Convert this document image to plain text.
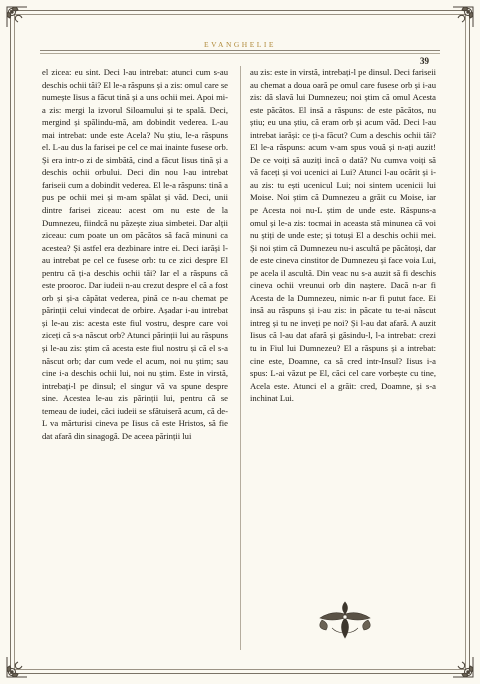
EVANGHELIE
39

el zicea: eu sint. Deci l-au intrebat: atunci cum s-au deschis ochii tăi? El le-a răspuns și a zis: omul care se numește Iisus a făcut tină și a uns ochii mei. Apoi mi-a zis: mergi la izvorul Siloamului și te spală. Deci, mergind și spălindu-mă, am dobindit vederea. L-au mai intrebat: unde este Acela? Nu știu, le-a răspuns el. L-au dus la farisei pe cel ce mai inainte fusese orb. Și era intr-o zi de simbătă, cind a făcut Iisus tină și a deschis ochii orbului. Deci din nou l-au intrebat fariseii cum a dobindit vederea. El le-a răspuns: tină a pus pe ochii mei și m-am spălat și văd. Deci, unii dintre farisei ziceau: acest om nu este de la Dumnezeu, fiindcă nu păzește ziua simbetei. Dar alții ziceau: cum poate un om păcătos să facă minuni ca acestea? Și astfel era dezbinare intre ei. Deci iarăși l-au intrebat pe cel ce fusese orb: tu ce zici despre El pentru că ți-a deschis ochii tăi? Iar el a răspuns că este prooroc. Dar iudeii n-au crezut despre el că a fost orb și și-a căpătat vederea, pină ce n-au chemat pe părinții celui vindecat de orbire. Așadar i-au intrebat și le-au zis: acesta este fiul vostru, despre care voi ziceți că s-a născut orb? Atunci părinții lui au răspuns și le-au zis: știm că acesta este fiul nostru și că el s-a născut orb; dar cum vede el acum, noi nu știm; sau cine i-a deschis ochii lui, noi nu știm. Este in virstă, intrebați-l pe dinsul; el singur vă va spune despre sine. Acestea le-au zis părinții lui, pentru că se temeau de iudei, căci iudeii se sfătuiseră acum, că de-L va mărturisi cineva pe Iisus că este Hristos, să fie dat afară din sinagogă. De aceea părinții lui

au zis: este in virstă, intrebați-l pe dinsul. Deci fariseii au chemat a doua oară pe omul care fusese orb și i-au zis: dă slavă lui Dumnezeu; noi știm că omul Acesta este păcătos. El insă a răspuns: de este păcătos, nu știu; eu una știu, că eram orb și acum văd. Deci l-au intrebat iarăși: ce ți-a făcut? Cum a deschis ochii tăi? El le-a răspuns: acum v-am spus vouă și n-ați auzit! De ce voiți să auziți incă o dată? Nu cumva voiți să vă faceți și voi ucenici ai Lui? Atunci l-au ocărit și i-au zis: tu ești ucenicul Lui; noi sintem ucenicii lui Moise. Noi știm că Dumnezeu a grăit cu Moise, iar pe Acesta noi nu-L știm de unde este. Răspuns-a omul și le-a zis: tocmai in aceasta stă minunea că voi nu știți de unde este; și totuși El a deschis ochii mei. Și noi știm că Dumnezeu nu-i ascultă pe păcătoși, dar de este cineva cinstitor de Dumnezeu și face voia Lui, pe acela il ascultă. Din veac nu s-a auzit să fi deschis cineva ochii vreunui orb din naștere. Dacă n-ar fi Acesta de la Dumnezeu, nimic n-ar fi putut face. Ei insă au răspuns și i-au zis: in păcate tu te-ai născut intreg și tu ne inveți pe noi? Și l-au dat afară. A auzit Iisus că l-au dat afară și găsindu-l, l-a intrebat: crezi tu in Fiul lui Dumnezeu? El a răspuns și a intrebat: cine este, Doamne, ca să cred intr-Insul? Iisus i-a spus: L-ai văzut pe El, căci cel care vorbește cu tine, Acela este. Atunci el a grăit: cred, Doamne, și s-a inchinat Lui.
